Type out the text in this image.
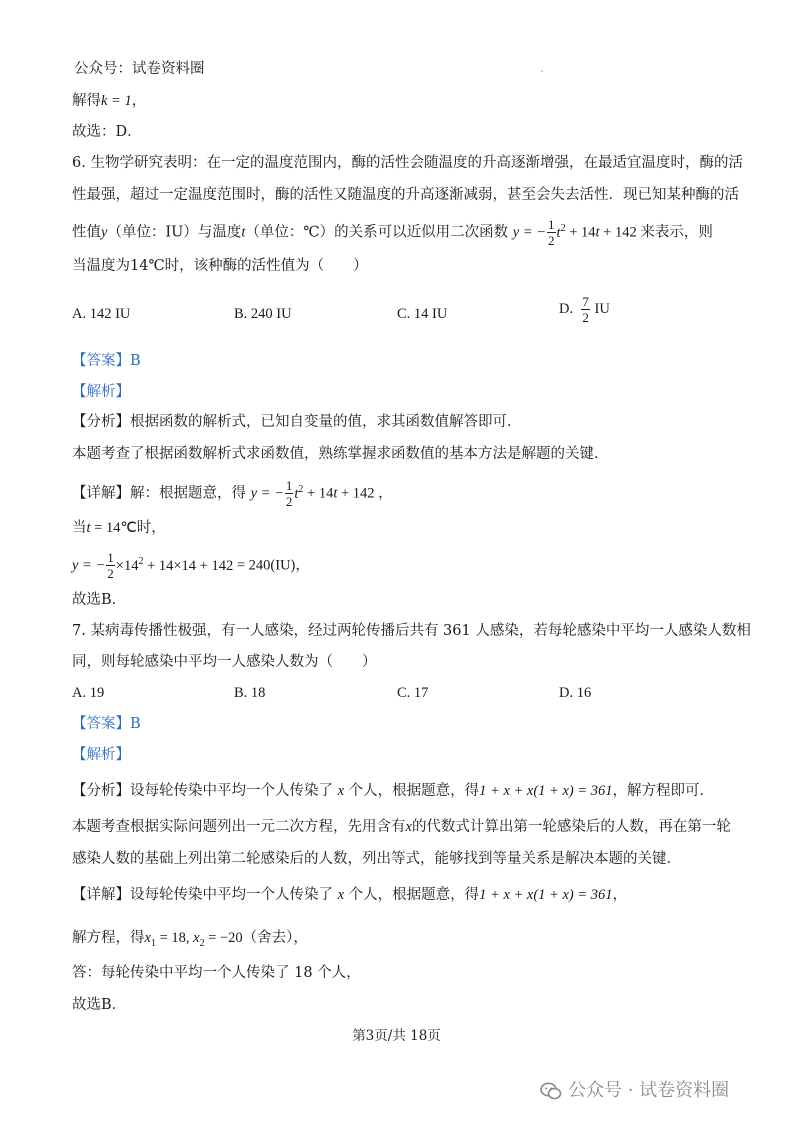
公众号：试卷资料圈
解得k = 1，
故选：D．
6. 生物学研究表明：在一定的温度范围内，酶的活性会随温度的升高逐渐增强，在最适宜温度时，酶的活
性最强，超过一定温度范围时，酶的活性又随温度的升高逐渐减弱，甚至会失去活性．现已知某种酶的活
性值y（单位：IU）与温度t（单位：℃）的关系可以近似用二次函数 y = − $\frac{1}{2} t^2 + 14t + 142$ 来表示，则
当温度为14℃时，该种酶的活性值为（　　）
A. 142 IU	B. 240 IU	C. 14 IU	D. $\frac{7}{2}$ IU
【答案】B
【解析】
【分析】根据函数的解析式，已知自变量的值，求其函数值解答即可．
本题考查了根据函数解析式求函数值，熟练掌握求函数值的基本方法是解题的关键．
【详解】解：根据题意，得 y = − $\frac{1}{2} t^2 + 14t + 142$ ，
当t = 14℃时，
y = − $\frac{1}{2} \times 14^2 + 14\times 14 + 142 = 240(IU)$，
故选B．
7. 某病毒传播性极强，有一人感染，经过两轮传播后共有 361 人感染，若每轮感染中平均一人感染人数相
同，则每轮感染中平均一人感染人数为（　　）
A. 19	B. 18	C. 17	D. 16
【答案】B
【解析】
【分析】设每轮传染中平均一个人传染了 x 个人，根据题意，得1 + x + x(1 + x) = 361，解方程即可．
本题考查根据实际问题列出一元二次方程，先用含有x的代数式计算出第一轮感染后的人数，再在第一轮
感染人数的基础上列出第二轮感染后的人数，列出等式，能够找到等量关系是解决本题的关键．
【详解】设每轮传染中平均一个人传染了 x 个人，根据题意，得1 + x + x(1 + x) = 361，
解方程，得$x_1 = 18$, $x_2 = -20$（舍去），
答：每轮传染中平均一个人传染了 18 个人，
故选B．
第3页/共 18页
公众号 · 试卷资料圈
